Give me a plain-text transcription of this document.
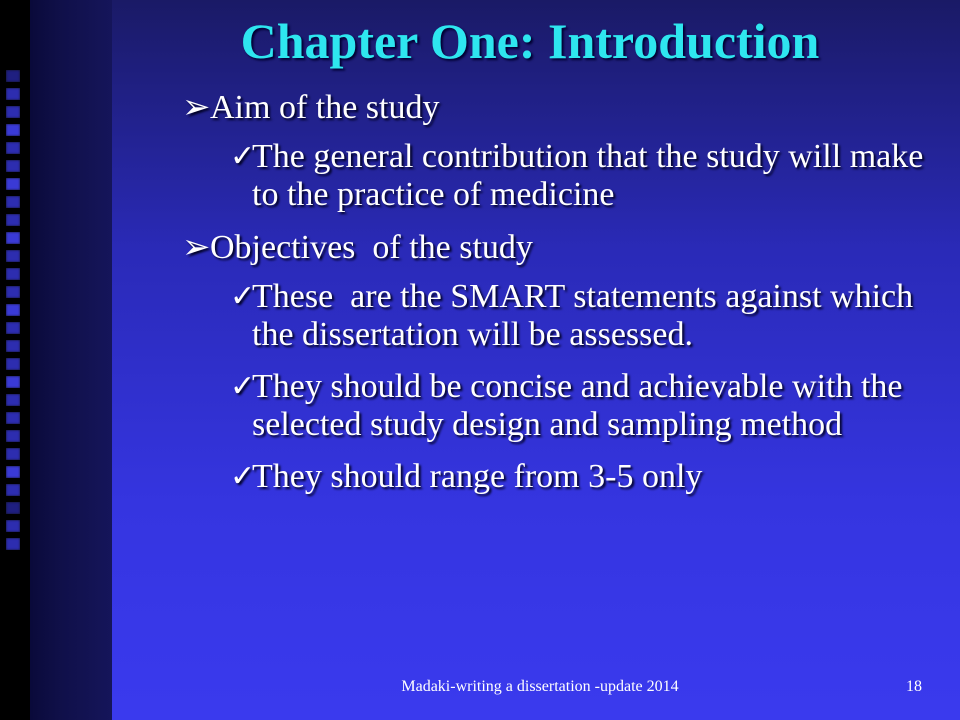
Chapter One: Introduction
➢ Aim of the study
✓
The general contribution that the study will make to the practice of medicine
➢ Objectives  of the study
✓
These  are the SMART statements against which the dissertation will be assessed.
✓
They should be concise and achievable with the selected study design and sampling method
✓
They should range from 3-5 only
Madaki-writing a dissertation -update 2014	18
